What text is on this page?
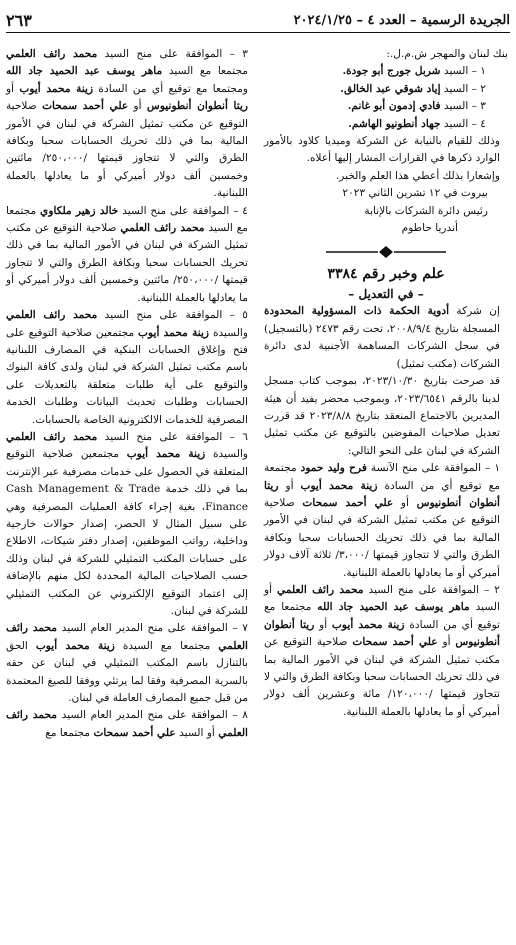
الجريدة الرسمية – العدد ٤ – ٢٠٢٤/١/٢٥
٢٦٣

بنك لبنان والمهجر ش.م.ل.:

١ – السيد شربل جورج أبو جودة.

٢ – السيد إياد شوقي عبد الخالق.

٣ – السيد فادي إدمون أبو غانم.

٤ – السيد جهاد أنطونيو الهاشم.

وذلك للقيام بالنيابة عن الشركة وميديا كلاود بالأمور الوارد ذكرها في القرارات المشار إليها أعلاه.

وإشعارا بذلك أعطي هذا العلم والخبر.

بيروت في ١٢ تشرين الثاني ٢٠٢٣

رئيس دائرة الشركات بالإنابة

أندريا حاطوم

علم وخبر رقم ٣٣٨٤

– في التعديل –

إن شركة أدوية الحكمة ذات المسؤولية المحدودة المسجلة بتاريخ ٢٠٠٨/٩/٤، تحت رقم ٢٤٧٣ (بالتسجيل) في سجل الشركات المساهمة الأجنبية لدى دائرة الشركات (مكتب تمثيل)

قد صرحت بتاريخ ٢٠٢٣/١٠/٣٠، بموجب كتاب مسجل لدينا بالرقم ٢٠٢٣/٦٥٤١، وبموجب محضر يفيد أن هيئة المديرين بالاجتماع المنعقد بتاريخ ٢٠٢٣/٨/٨ قد قررت تعديل صلاحيات المفوضين بالتوقيع عن مكتب تمثيل الشركة في لبنان على النحو التالي:

١ – الموافقة على منح الآنسة فرح وليد حمود مجتمعة مع توقيع أي من السادة زينة محمد أيوب أو ريتا أنطوان أنطونيوس أو علي أحمد سمحات صلاحية التوقيع عن مكتب تمثيل الشركة في لبنان في الأمور المالية بما في ذلك تحريك الحسابات سحبا وبكافة الطرق والتي لا تتجاوز قيمتها /٣،٠٠٠/ ثلاثة آلاف دولار أميركي أو ما يعادلها بالعملة اللبنانية.

٢ – الموافقة على منح السيد محمد رائف العلمي أو السيد ماهر يوسف عبد الحميد جاد الله مجتمعا مع توقيع أي من السادة زينة محمد أيوب أو ريتا أنطوان أنطونيوس أو علي أحمد سمحات صلاحية التوقيع عن مكتب تمثيل الشركة في لبنان في الأمور المالية بما في ذلك تحريك الحسابات سحبا وبكافة الطرق والتي لا تتجاوز قيمتها /١٢٠،٠٠٠/ مائة وعشرين ألف دولار أميركي أو ما يعادلها بالعملة اللبنانية.

٣ – الموافقة على منح السيد محمد رائف العلمي مجتمعا مع السيد ماهر يوسف عبد الحميد جاد الله ومجتمعا مع توقيع أي من السادة زينة محمد أيوب أو ريتا أنطوان أنطونيوس أو علي أحمد سمحات صلاحية التوقيع عن مكتب تمثيل الشركة في لبنان في الأمور المالية بما في ذلك تحريك الحسابات سحبا وبكافة الطرق والتي لا تتجاوز قيمتها /٢٥٠،٠٠٠/ مائتين وخمسين ألف دولار أميركي أو ما يعادلها بالعملة اللبنانية.

٤ – الموافقة على منح السيد خالد زهير ملكاوي مجتمعا مع السيد محمد رائف العلمي صلاحية التوقيع عن مكتب تمثيل الشركة في لبنان في الأمور المالية بما في ذلك تحريك الحسابات سحبا وبكافة الطرق والتي لا تتجاوز قيمتها /٢٥٠،٠٠٠/ مائتين وخمسين ألف دولار أميركي أو ما يعادلها بالعملة اللبنانية.

٥ – الموافقة على منح السيد محمد رائف العلمي والسيدة زينة محمد أيوب مجتمعين صلاحية التوقيع على فتح وإغلاق الحسابات البنكية في المصارف اللبنانية باسم مكتب تمثيل الشركة في لبنان ولدى كافة البنوك والتوقيع على أية طلبات متعلقة بالتعديلات على الحسابات وطلبات تحديث البيانات وطلبات الخدمة المصرفية للخدمات الالكترونية الخاصة بالحسابات.

٦ – الموافقة على منح السيد محمد رائف العلمي والسيدة زينة محمد أيوب مجتمعين صلاحية التوقيع المتعلقة في الحصول على خدمات مصرفية عبر الإنترنت بما في ذلك خدمة Cash Management & Trade Finance، بغية إجراء كافة العمليات المصرفية وهي على سبيل المثال لا الحصر، إصدار حوالات خارجية وداخلية، رواتب الموظفين، إصدار دفتر شيكات، الاطلاع على حسابات المكتب التمثيلي للشركة في لبنان وذلك حسب الصلاحيات المالية المحددة لكل منهم بالإضافة إلى اعتماد التوقيع الإلكتروني عن المكتب التمثيلي للشركة في لبنان.

٧ – الموافقة على منح المدير العام السيد محمد رائف العلمي مجتمعا مع السيدة زينة محمد أيوب الحق بالتنازل باسم المكتب التمثيلي في لبنان عن حقه بالسرية المصرفية وفقا لما يرتئي ووفقا للصيغ المعتمدة من قبل جميع المصارف العاملة في لبنان.

٨ – الموافقة على منح المدير العام السيد محمد رائف العلمي أو السيد علي أحمد سمحات مجتمعا مع
